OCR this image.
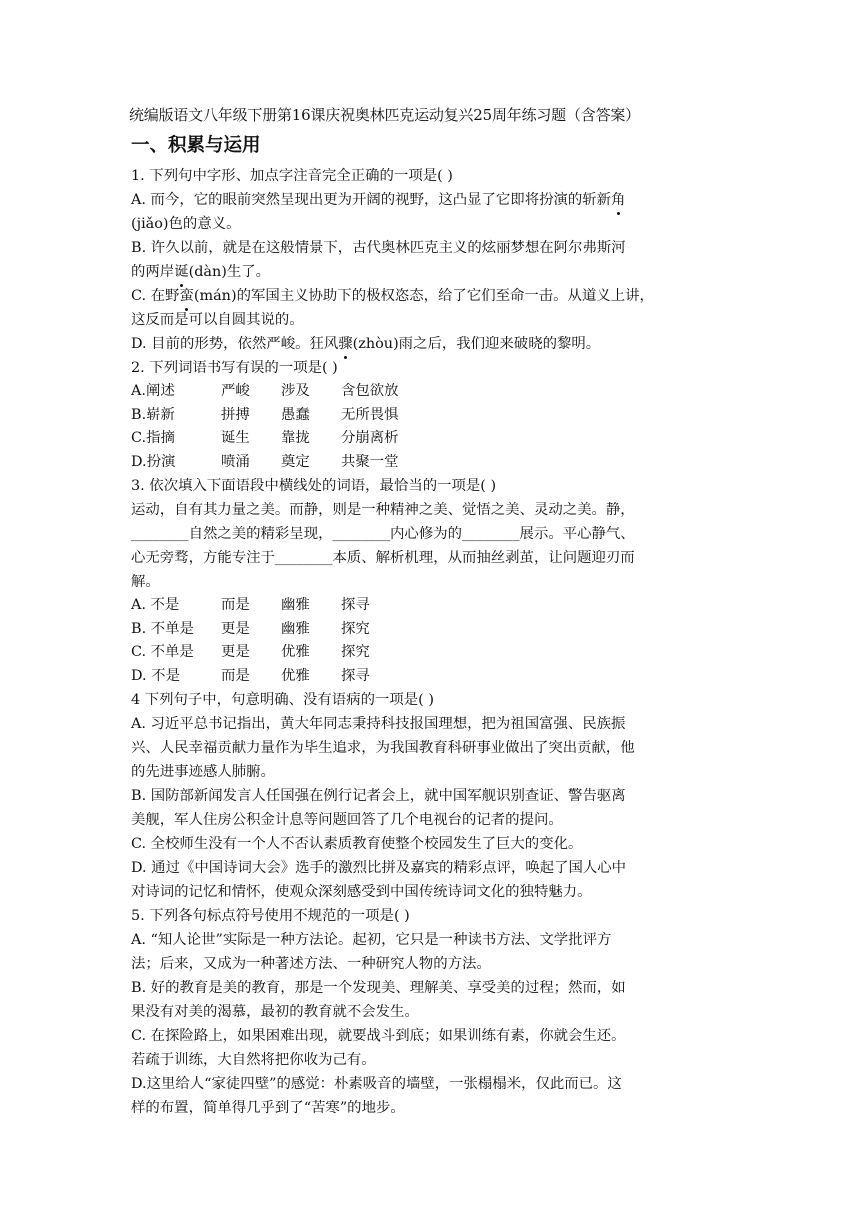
统编版语文八年级下册第16课庆祝奥林匹克运动复兴25周年练习题（含答案）
一、积累与运用
1. 下列句中字形、加点字注音完全正确的一项是( )
A. 而今，它的眼前突然呈现出更为开阔的视野，这凸显了它即将扮演的斩新角
(jiǎo)色的意义。
B. 许久以前，就是在这般情景下，古代奥林匹克主义的炫丽梦想在阿尔弗斯河
的两岸诞(dàn)生了。
C. 在野蛮(mán)的军国主义协助下的极权恣态，给了它们至命一击。从道义上讲，
这反而是可以自圆其说的。
D. 目前的形势，依然严峻。狂风骤(zhòu)雨之后，我们迎来破晓的黎明。
2. 下列词语书写有误的一项是( )
A.阐述	严峻	涉及	含包欲放
B.崭新	拼搏	愚蠢	无所畏惧
C.指摘	诞生	靠拢	分崩离析
D.扮演	喷涌	奠定	共聚一堂
3. 依次填入下面语段中横线处的词语，最恰当的一项是( )
运动，自有其力量之美。而静，则是一种精神之美、觉悟之美、灵动之美。静，
________自然之美的精彩呈现，________内心修为的________展示。平心静气、
心无旁骛，方能专注于________本质、解析机理，从而抽丝剥茧，让问题迎刃而
解。
A. 不是	而是	幽雅	探寻
B. 不单是	更是	幽雅	探究
C. 不单是	更是	优雅	探究
D. 不是	而是	优雅	探寻
4 下列句子中，句意明确、没有语病的一项是( )
A. 习近平总书记指出，黄大年同志秉持科技报国理想，把为祖国富强、民族振
兴、人民幸福贡献力量作为毕生追求，为我国教育科研事业做出了突出贡献，他
的先进事迹感人肺腑。
B. 国防部新闻发言人任国强在例行记者会上，就中国军舰识别查证、警告驱离
美舰，军人住房公积金计息等问题回答了几个电视台的记者的提问。
C. 全校师生没有一个人不否认素质教育使整个校园发生了巨大的变化。
D. 通过《中国诗词大会》选手的激烈比拼及嘉宾的精彩点评，唤起了国人心中
对诗词的记忆和情怀，使观众深刻感受到中国传统诗词文化的独特魅力。
5. 下列各句标点符号使用不规范的一项是( )
A. “知人论世”实际是一种方法论。起初，它只是一种读书方法、文学批评方
法；后来，又成为一种著述方法、一种研究人物的方法。
B. 好的教育是美的教育，那是一个发现美、理解美、享受美的过程；然而，如
果没有对美的渴慕，最初的教育就不会发生。
C. 在探险路上，如果困难出现，就要战斗到底；如果训练有素，你就会生还。
若疏于训练，大自然将把你收为己有。
D.这里给人“家徒四壁”的感觉：朴素吸音的墙壁，一张榻榻米，仅此而已。这
样的布置，简单得几乎到了“苦寒”的地步。
